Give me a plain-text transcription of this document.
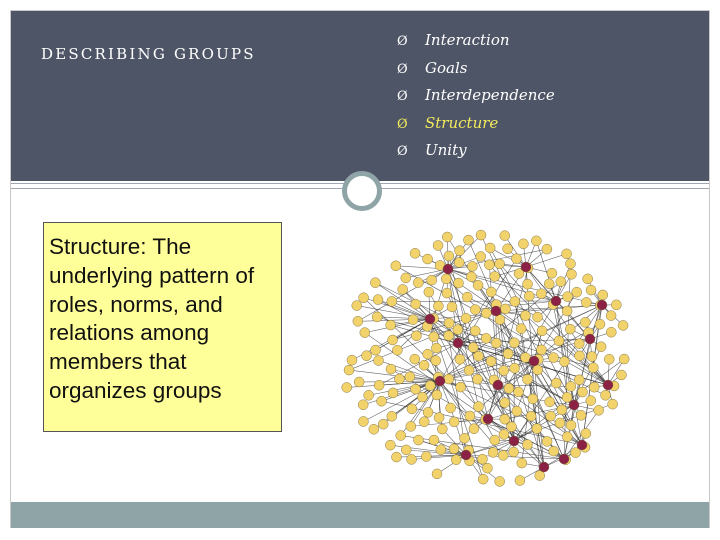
DESCRIBING GROUPS
Ø Interaction
Ø Goals
Ø Interdependence
Ø Structure
Ø Unity
Structure: The underlying pattern of roles, norms, and relations among members that organizes groups
